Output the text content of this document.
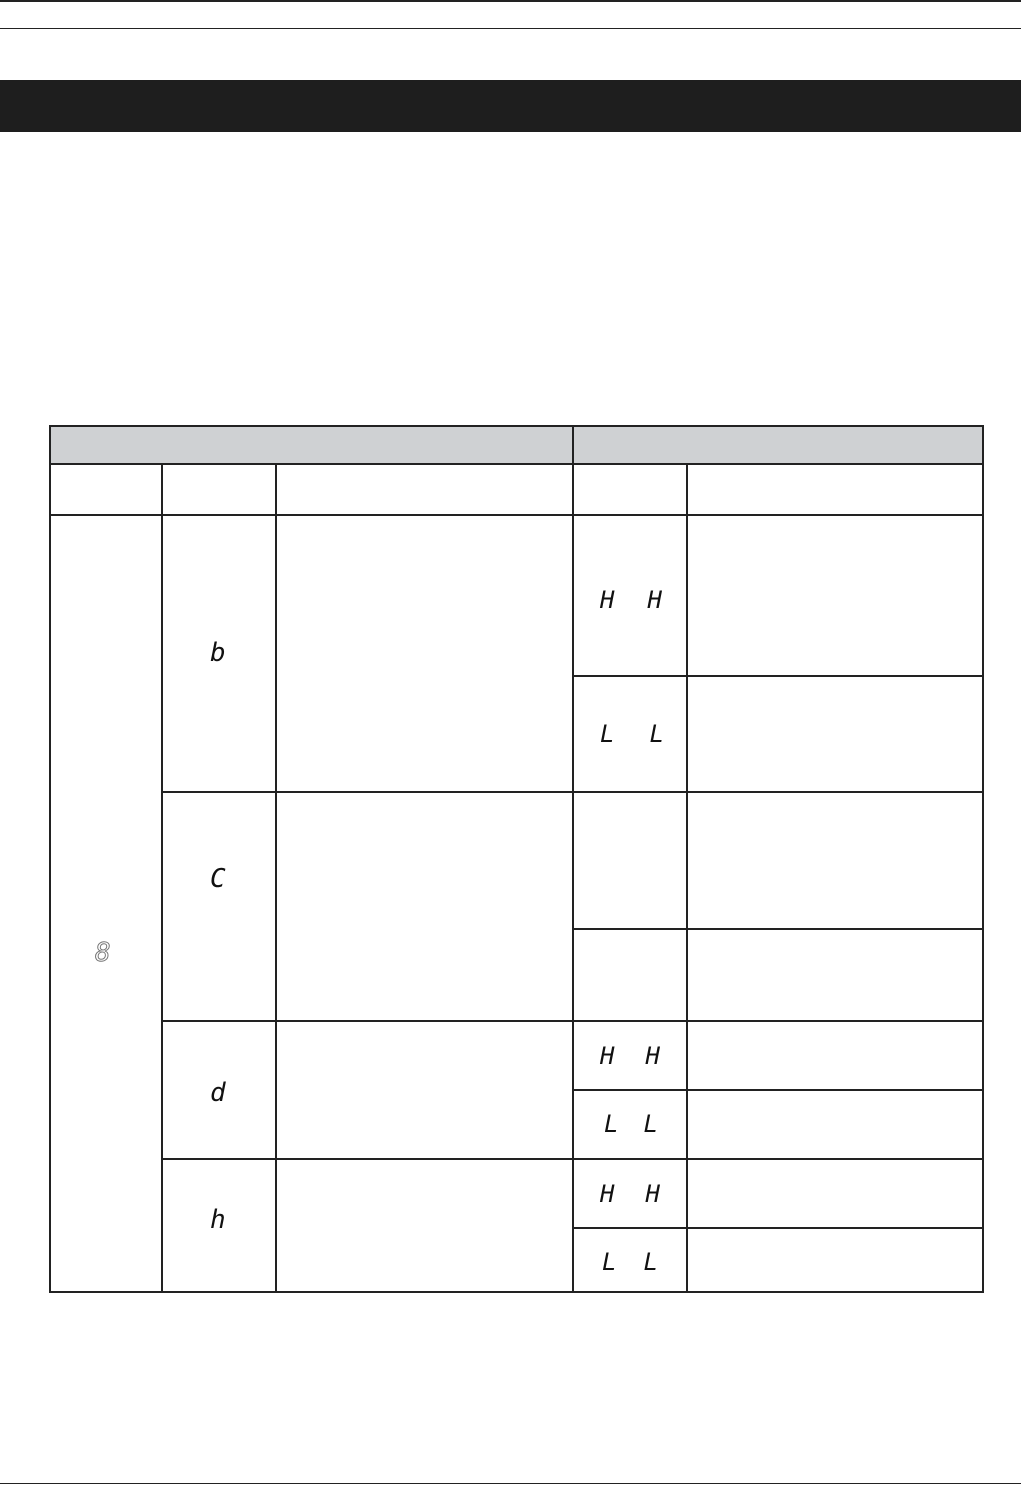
8
b
C
d
h
H H
L L
H H
L L
H H
L L
